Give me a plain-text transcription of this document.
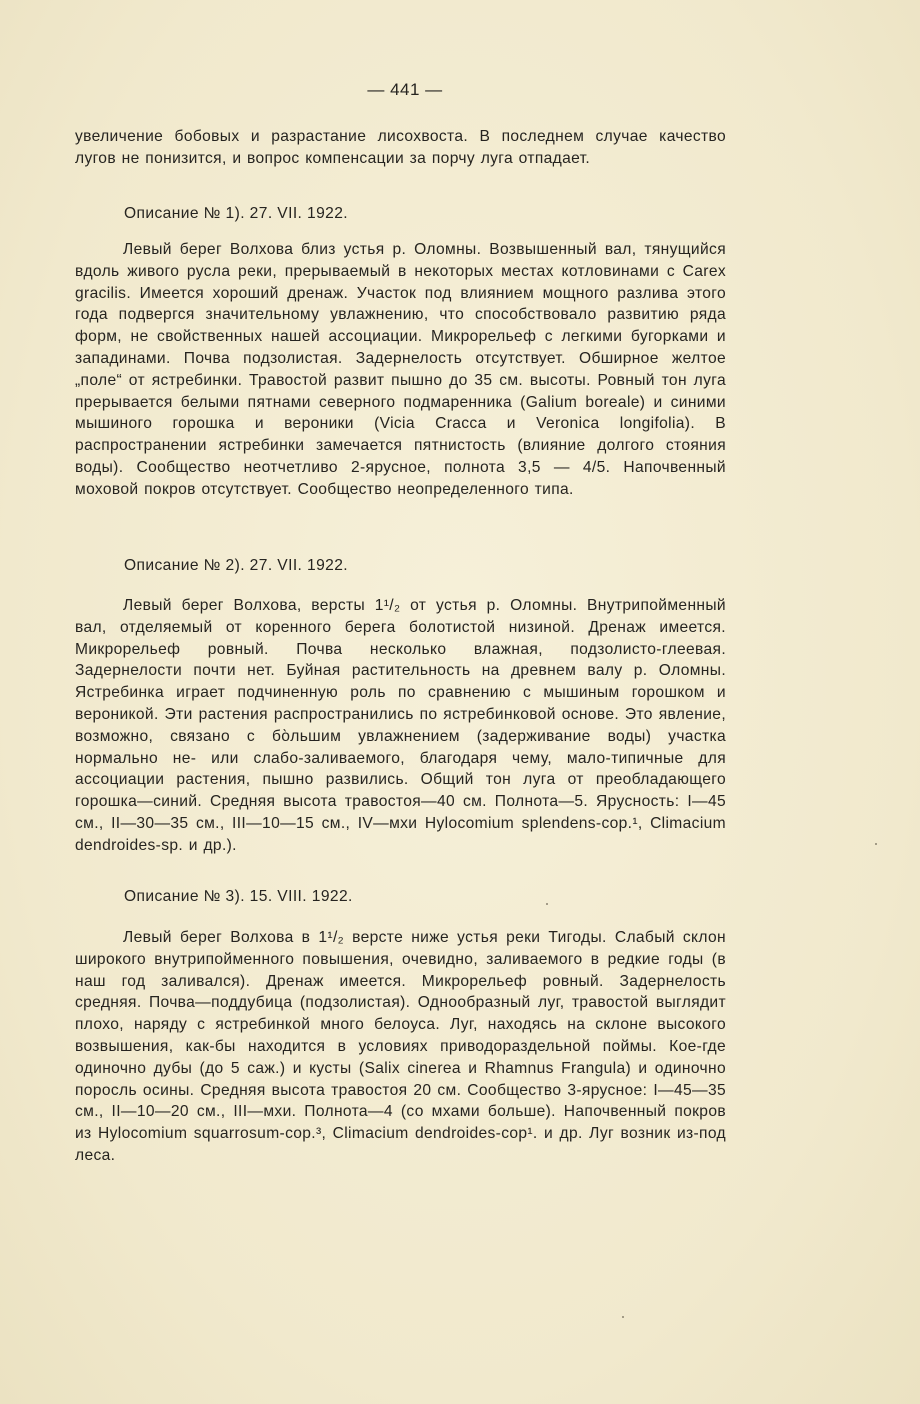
— 441 —

увеличение бобовых и разрастание лисохвоста. В последнем случае качество лугов не понизится, и вопрос компенсации за порчу луга отпадает.

Описание № 1). 27. VII. 1922.

Левый берег Волхова близ устья р. Оломны. Возвышенный вал, тянущийся вдоль живого русла реки, прерываемый в некоторых местах котловинами с Carex gracilis. Имеется хороший дренаж. Участок под влиянием мощного разлива этого года подвергся значительному увлажнению, что способствовало развитию ряда форм, не свойственных нашей ассоциации. Микрорельеф с легкими бугорками и западинами. Почва подзолистая. Задернелость отсутствует. Обширное желтое „поле“ от ястребинки. Травостой развит пышно до 35 см. высоты. Ровный тон луга прерывается белыми пятнами северного подмаренника (Galium boreale) и синими мышиного горошка и вероники (Vicia Cracca и Veronica longifolia). В распространении ястребинки замечается пятнистость (влияние долгого стояния воды). Сообщество неотчетливо 2-ярусное, полнота 3,5 — 4/5. Напочвенный моховой покров отсутствует. Сообщество неопределенного типа.

Описание № 2). 27. VII. 1922.

Левый берег Волхова, версты 1¹/₂ от устья р. Оломны. Внутрипойменный вал, отделяемый от коренного берега болотистой низиной. Дренаж имеется. Микрорельеф ровный. Почва несколько влажная, подзолисто-глеевая. Задернелости почти нет. Буйная растительность на древнем валу р. Оломны. Ястребинка играет подчиненную роль по сравнению с мышиным горошком и вероникой. Эти растения распространились по ястребинковой основе. Это явление, возможно, связано с бо̀льшим увлажнением (задерживание воды) участка нормально не- или слабо-заливаемого, благодаря чему, мало-типичные для ассоциации растения, пышно развились. Общий тон луга от преобладающего горошка—синий. Средняя высота травостоя—40 см. Полнота—5. Ярусность: I—45 см., II—30—35 см., III—10—15 см., IV—мхи Hylocomium splendens-cop.¹, Climacium dendroides-sp. и др.).

Описание № 3). 15. VIII. 1922.

Левый берег Волхова в 1¹/₂ версте ниже устья реки Тигоды. Слабый склон широкого внутрипойменного повышения, очевидно, заливаемого в редкие годы (в наш год заливался). Дренаж имеется. Микрорельеф ровный. Задернелость средняя. Почва—поддубица (подзолистая). Однообразный луг, травостой выглядит плохо, наряду с ястребинкой много белоуса. Луг, находясь на склоне высокого возвышения, как-бы находится в условиях приводораздельной поймы. Кое-где одиночно дубы (до 5 саж.) и кусты (Salix cinerea и Rhamnus Frangula) и одиночно поросль осины. Средняя высота травостоя 20 см. Сообщество 3-ярусное: I—45—35 см., II—10—20 см., III—мхи. Полнота—4 (со мхами больше). Напочвенный покров из Hylocomium squarrosum-cop.³, Climacium dendroides-cop¹. и др. Луг возник из-под леса.
